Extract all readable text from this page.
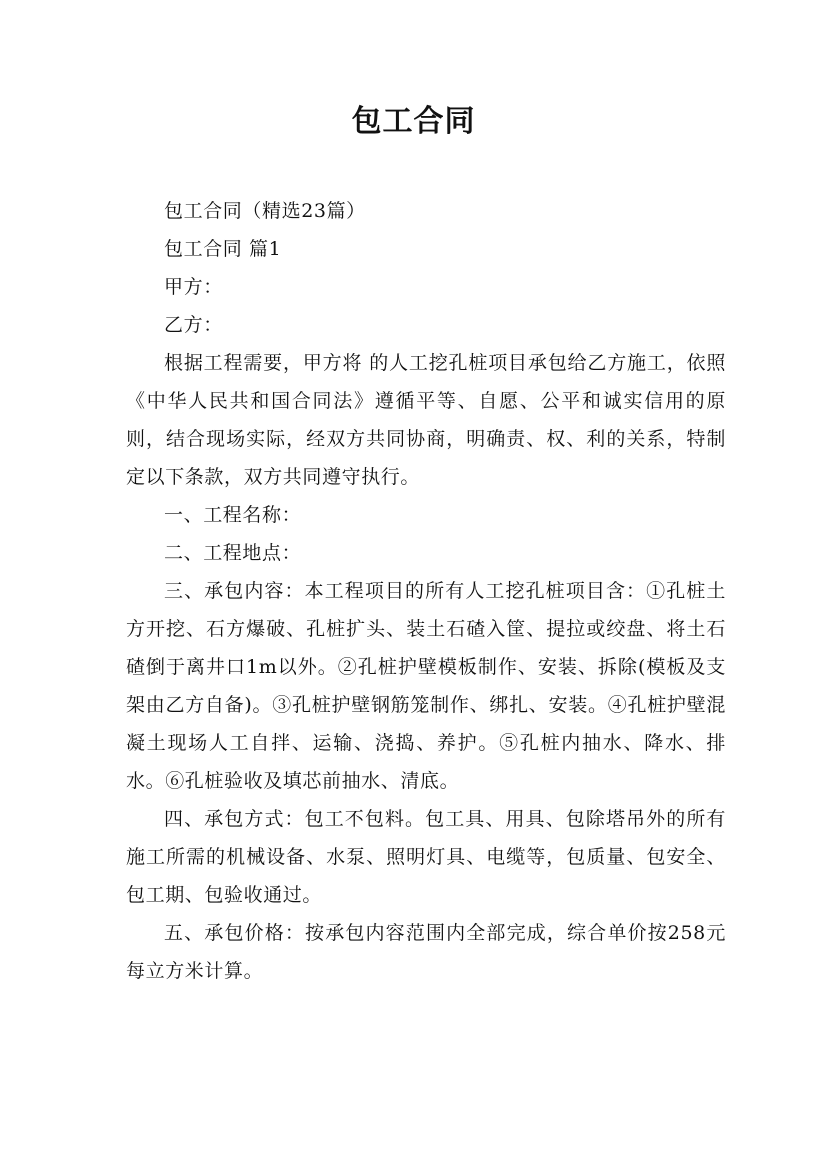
包工合同

包工合同（精选23篇）

包工合同 篇1

甲方：

乙方：

根据工程需要，甲方将 的人工挖孔桩项目承包给乙方施工，依照《中华人民共和国合同法》遵循平等、自愿、公平和诚实信用的原则，结合现场实际，经双方共同协商，明确责、权、利的关系，特制定以下条款，双方共同遵守执行。

一、工程名称：

二、工程地点：

三、承包内容：本工程项目的所有人工挖孔桩项目含：①孔桩土方开挖、石方爆破、孔桩扩头、装土石碴入筐、提拉或绞盘、将土石碴倒于离井口1m以外。②孔桩护壁模板制作、安装、拆除(模板及支架由乙方自备)。③孔桩护壁钢筋笼制作、绑扎、安装。④孔桩护壁混凝土现场人工自拌、运输、浇捣、养护。⑤孔桩内抽水、降水、排水。⑥孔桩验收及填芯前抽水、清底。

四、承包方式：包工不包料。包工具、用具、包除塔吊外的所有施工所需的机械设备、水泵、照明灯具、电缆等，包质量、包安全、包工期、包验收通过。

五、承包价格：按承包内容范围内全部完成，综合单价按258元每立方米计算。
